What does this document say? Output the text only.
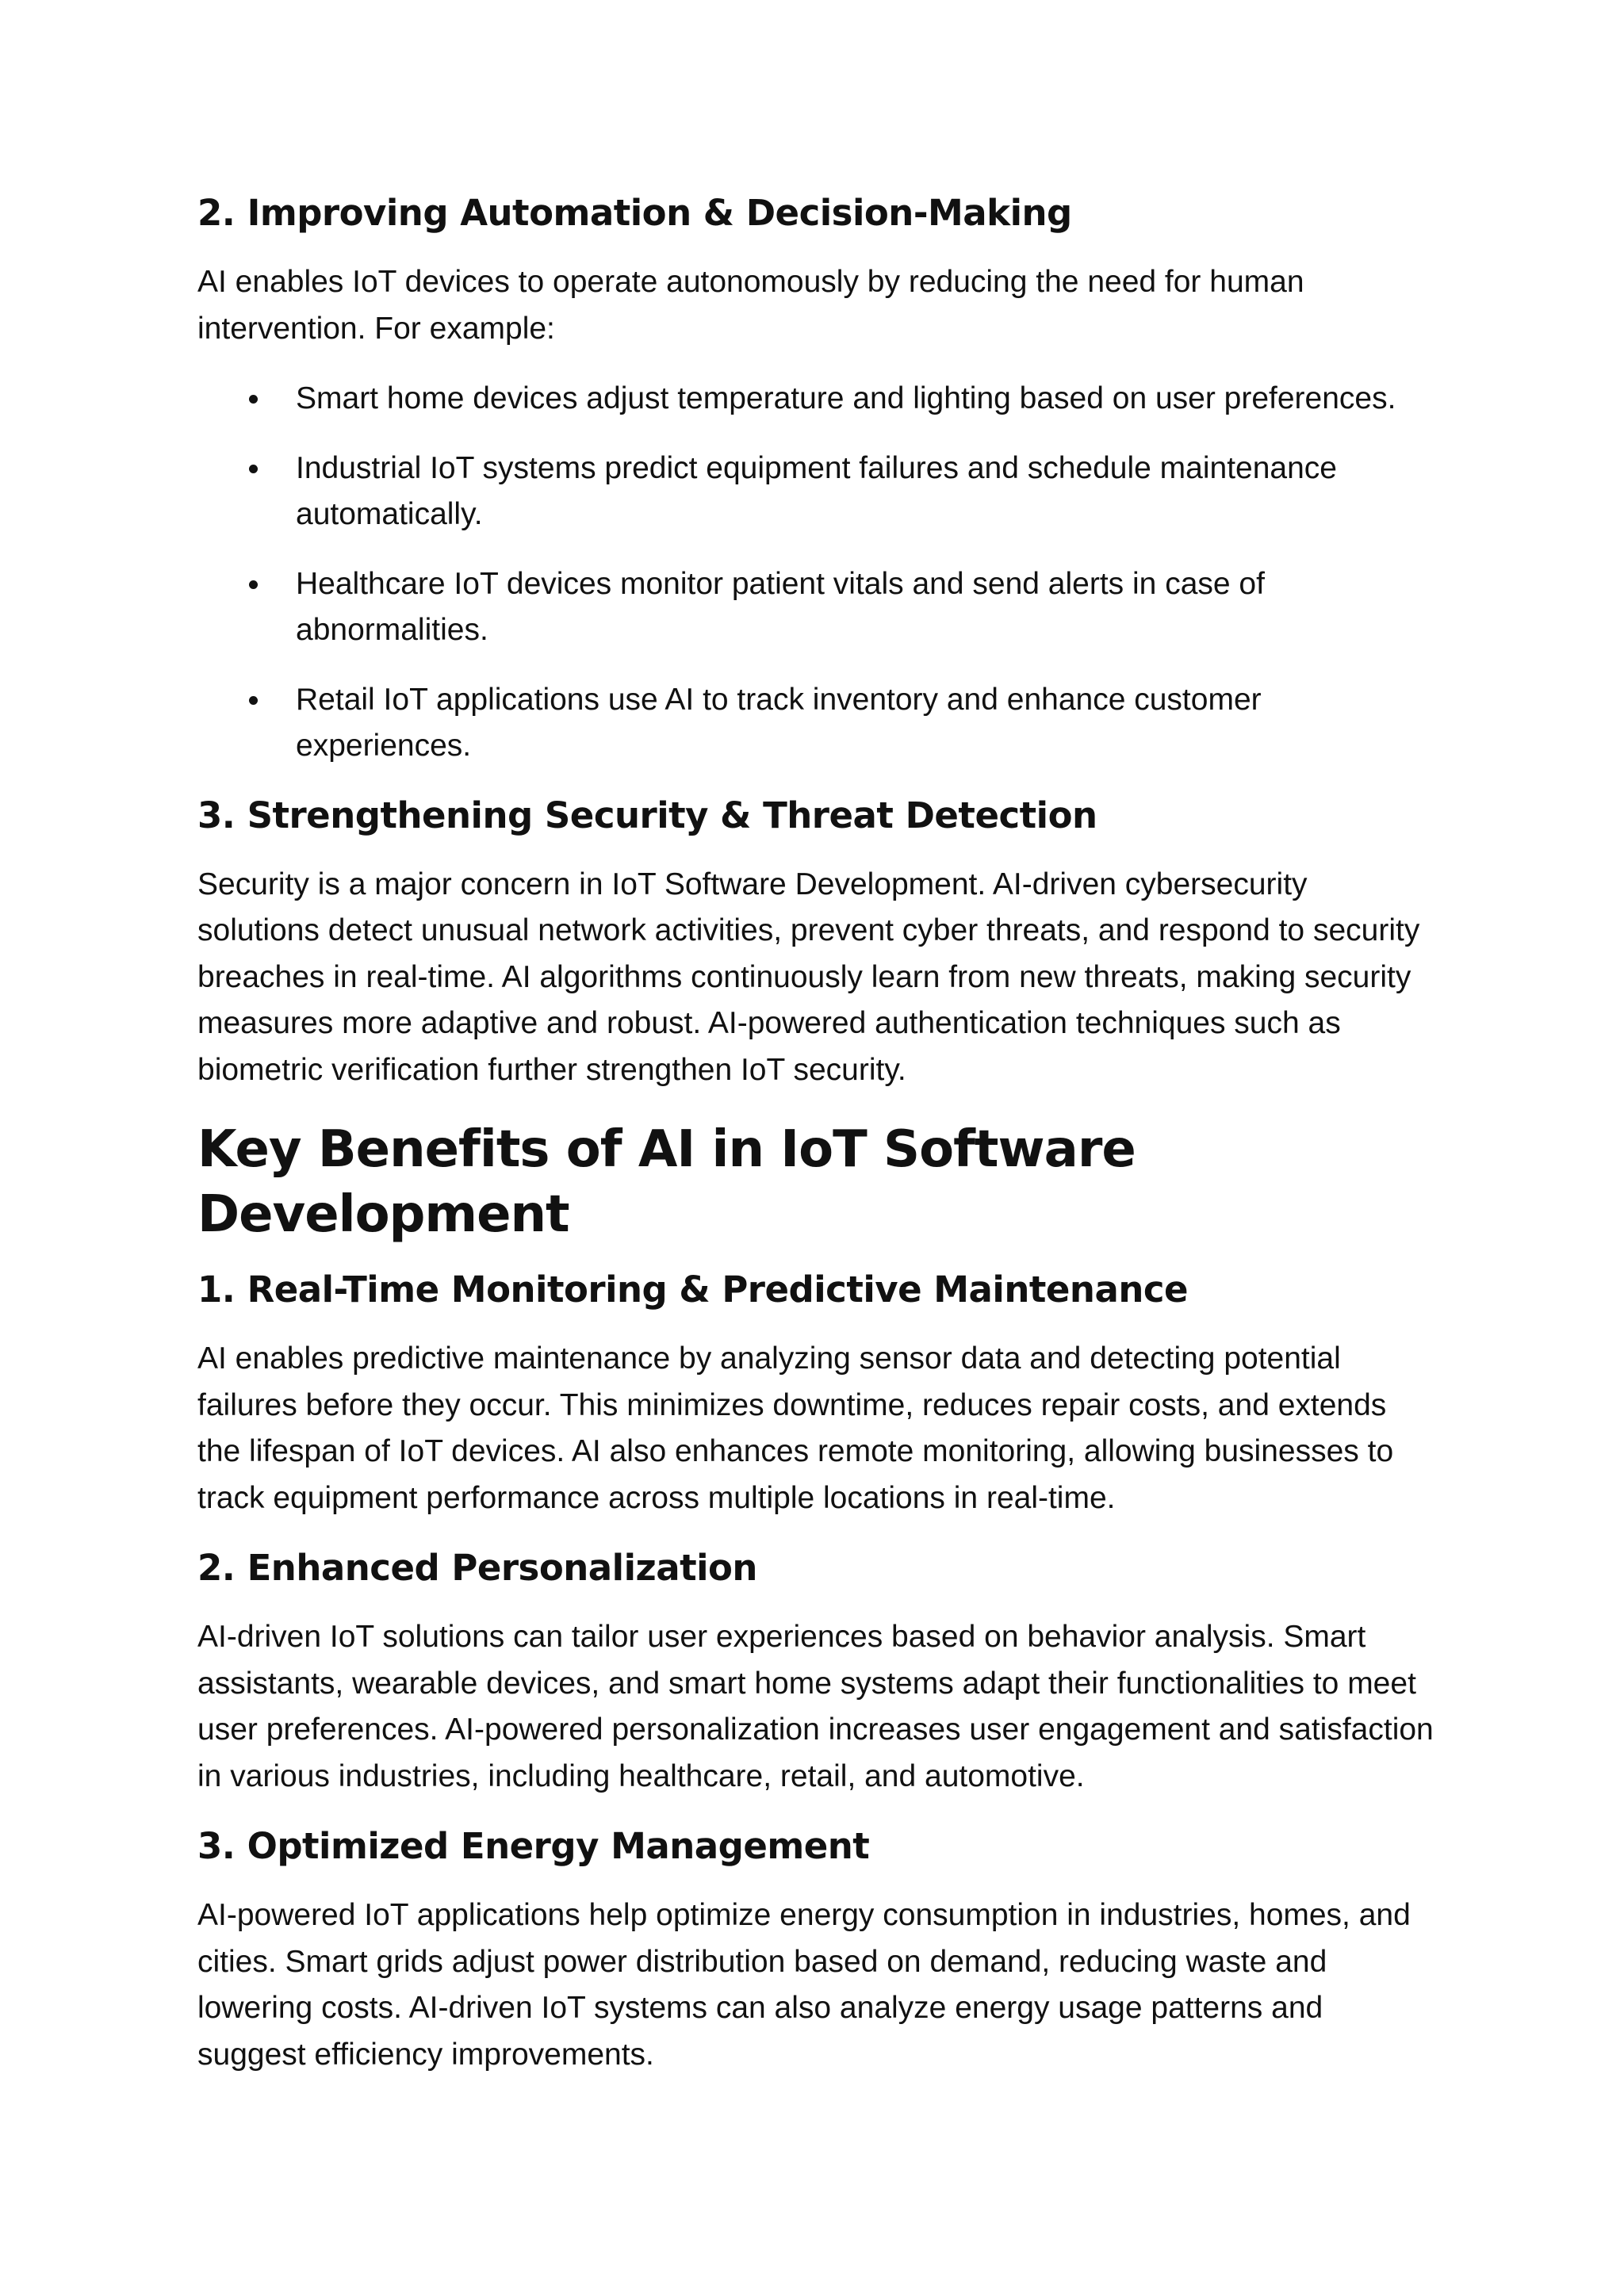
2. Improving Automation & Decision-Making

AI enables IoT devices to operate autonomously by reducing the need for human intervention. For example:

Smart home devices adjust temperature and lighting based on user preferences.
Industrial IoT systems predict equipment failures and schedule maintenance automatically.
Healthcare IoT devices monitor patient vitals and send alerts in case of abnormalities.
Retail IoT applications use AI to track inventory and enhance customer experiences.
3. Strengthening Security & Threat Detection

Security is a major concern in IoT Software Development. AI-driven cybersecurity solutions detect unusual network activities, prevent cyber threats, and respond to security breaches in real-time. AI algorithms continuously learn from new threats, making security measures more adaptive and robust. AI-powered authentication techniques such as biometric verification further strengthen IoT security.

Key Benefits of AI in IoT Software Development
1. Real-Time Monitoring & Predictive Maintenance

AI enables predictive maintenance by analyzing sensor data and detecting potential failures before they occur. This minimizes downtime, reduces repair costs, and extends the lifespan of IoT devices. AI also enhances remote monitoring, allowing businesses to track equipment performance across multiple locations in real-time.

2. Enhanced Personalization

AI-driven IoT solutions can tailor user experiences based on behavior analysis. Smart assistants, wearable devices, and smart home systems adapt their functionalities to meet user preferences. AI-powered personalization increases user engagement and satisfaction in various industries, including healthcare, retail, and automotive.

3. Optimized Energy Management

AI-powered IoT applications help optimize energy consumption in industries, homes, and cities. Smart grids adjust power distribution based on demand, reducing waste and lowering costs. AI-driven IoT systems can also analyze energy usage patterns and suggest efficiency improvements.
